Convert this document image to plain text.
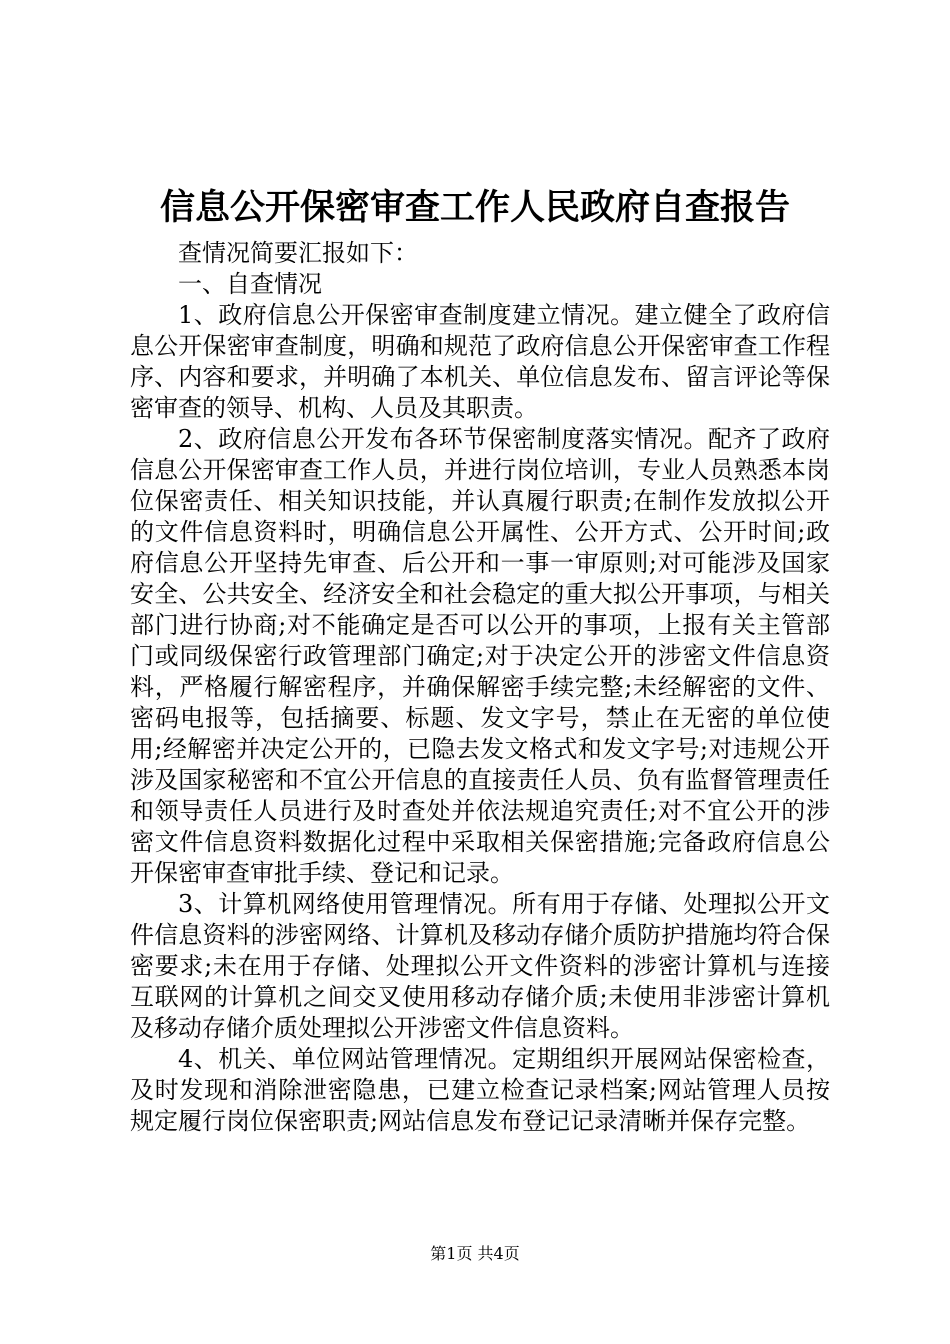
信息公开保密审查工作人民政府自查报告

查情况简要汇报如下：

一、自查情况

1、政府信息公开保密审查制度建立情况。建立健全了政府信息公开保密审查制度，明确和规范了政府信息公开保密审查工作程序、内容和要求，并明确了本机关、单位信息发布、留言评论等保密审查的领导、机构、人员及其职责。

2、政府信息公开发布各环节保密制度落实情况。配齐了政府信息公开保密审查工作人员，并进行岗位培训，专业人员熟悉本岗位保密责任、相关知识技能，并认真履行职责;在制作发放拟公开的文件信息资料时，明确信息公开属性、公开方式、公开时间;政府信息公开坚持先审查、后公开和一事一审原则;对可能涉及国家安全、公共安全、经济安全和社会稳定的重大拟公开事项，与相关部门进行协商;对不能确定是否可以公开的事项，上报有关主管部门或同级保密行政管理部门确定;对于决定公开的涉密文件信息资料，严格履行解密程序，并确保解密手续完整;未经解密的文件、密码电报等，包括摘要、标题、发文字号，禁止在无密的单位使用;经解密并决定公开的，已隐去发文格式和发文字号;对违规公开涉及国家秘密和不宜公开信息的直接责任人员、负有监督管理责任和领导责任人员进行及时查处并依法规追究责任;对不宜公开的涉密文件信息资料数据化过程中采取相关保密措施;完备政府信息公开保密审查审批手续、登记和记录。

3、计算机网络使用管理情况。所有用于存储、处理拟公开文件信息资料的涉密网络、计算机及移动存储介质防护措施均符合保密要求;未在用于存储、处理拟公开文件资料的涉密计算机与连接互联网的计算机之间交叉使用移动存储介质;未使用非涉密计算机及移动存储介质处理拟公开涉密文件信息资料。

4、机关、单位网站管理情况。定期组织开展网站保密检查，及时发现和消除泄密隐患，已建立检查记录档案;网站管理人员按规定履行岗位保密职责;网站信息发布登记记录清晰并保存完整。

第1页 共4页
